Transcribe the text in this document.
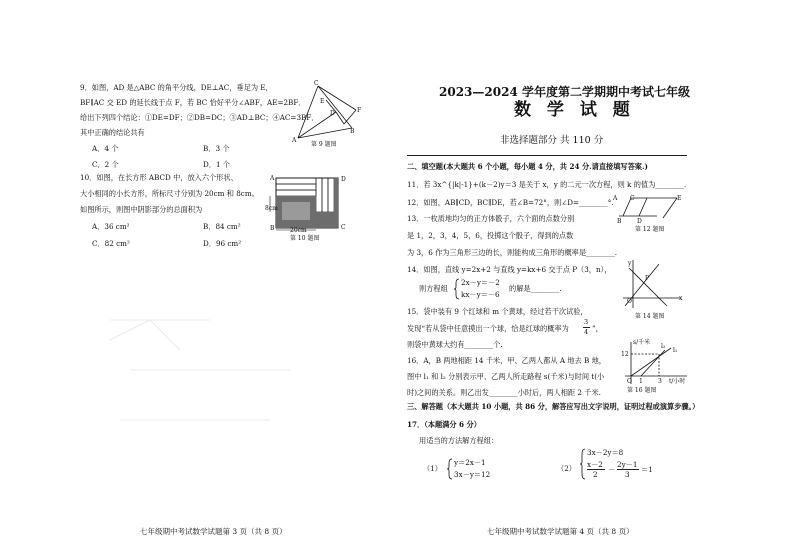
9．如图，AD 是△ABC 的角平分线，DE⊥AC，垂足为 E，
BF∥AC 交 ED 的延长线于点 F，若 BC 恰好平分∠ABF，AE=2BF．
给出下列四个结论：①DE=DF；②DB=DC；③AD⊥BC；④AC=3BF．
其中正确的结论共有
A．4 个	B．3 个
C．2 个	D．1 个
C
D
E
F
A
B
第 9 题图
10．如图，在长方形 ABCD 中，放入六个形状、
大小相同的小长方形，所标尺寸分别为 20cm 和 8cm。
如图所示，则图中阴影部分的总面积为
A．36 cm²	B．84 cm²
C．82 cm²	D．96 cm²
8cm
20cm
A	D
B	C
第 10 题图
七年级期中考试数学试题第 3 页（共 8 页）
2023—2024 学年度第二学期期中考试七年级
数 学 试 题
非选择题部分 共 110 分
二、填空题(本大题共 6 个小题，每小题 4 分，共 24 分.请直接填写答案.)
11．若 3x^{|k|-1}+(k－2)y＝3 是关于 x，y 的二元一次方程，则 k 的值为________.
12．如图，AB∥CD，BC∥DE，若∠B=72°，则∠D=________°. A C	E
B	D
第 12 题图
13．一枚质地均匀的正方体骰子，六个面的点数分别
是 1，2，3，4，5，6，投掷这个骰子，得到的点数
为 3，6 作为三角形三边的长，则能构成三角形的概率是________.
14．如图，直线 y=2x+2 与直线 y=kx+6 交于点 P（3，n），
则方程组
2x－y＝－2
kx－y＝－6
的解是________.
y
x
O
P
第 14 题图
15．袋中装有 9 个红球和 m 个黄球，经过若干次试验，
发现“若从袋中任意摸出一个球，恰是红球的概率为
3
4 ”，
则袋中黄球大约有________个.
16．A，B 两地相距 14 千米，甲、乙两人都从 A 地去 B 地，
图中 l₁ 和 l₂ 分别表示甲、乙两人所走路程 s(千米)与时间 t(小
时)之间的关系。则乙出发________小时后，两人相距 2 千米.
s/千米
12
1	3 t/小时
l₁
l₂
O
第 16 题图
三、解答题（本大题共 10 小题，共 86 分，解答应写出文字说明，证明过程或演算步骤。）
17．（本题满分 6 分）
用适当的方法解方程组：
（1）
y＝2x－1
3x－y＝12
（2）
3x－2y＝8
x－2
2
－
2y－1
3
＝1
七年级期中考试数学试题第 4 页（共 8 页）
